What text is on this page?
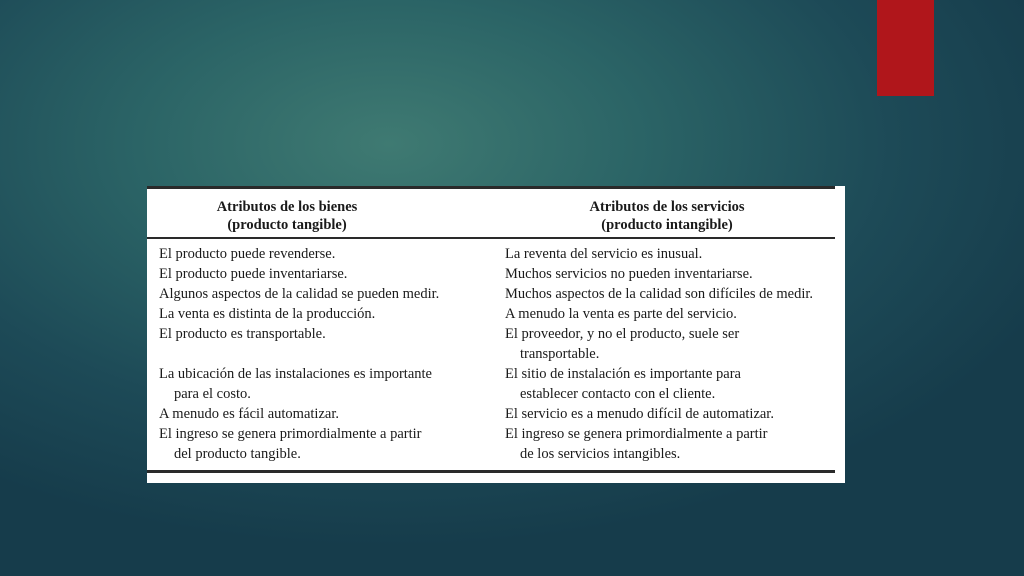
Atributos de los bienes
(producto tangible)
Atributos de los servicios
(producto intangible)
El producto puede revenderse.
El producto puede inventariarse.
Algunos aspectos de la calidad se pueden medir.
La venta es distinta de la producción.
El producto es transportable.
La ubicación de las instalaciones es importante
para el costo.
A menudo es fácil automatizar.
El ingreso se genera primordialmente a partir
del producto tangible.
La reventa del servicio es inusual.
Muchos servicios no pueden inventariarse.
Muchos aspectos de la calidad son difíciles de medir.
A menudo la venta es parte del servicio.
El proveedor, y no el producto, suele ser
transportable.
El sitio de instalación es importante para
establecer contacto con el cliente.
El servicio es a menudo difícil de automatizar.
El ingreso se genera primordialmente a partir
de los servicios intangibles.
